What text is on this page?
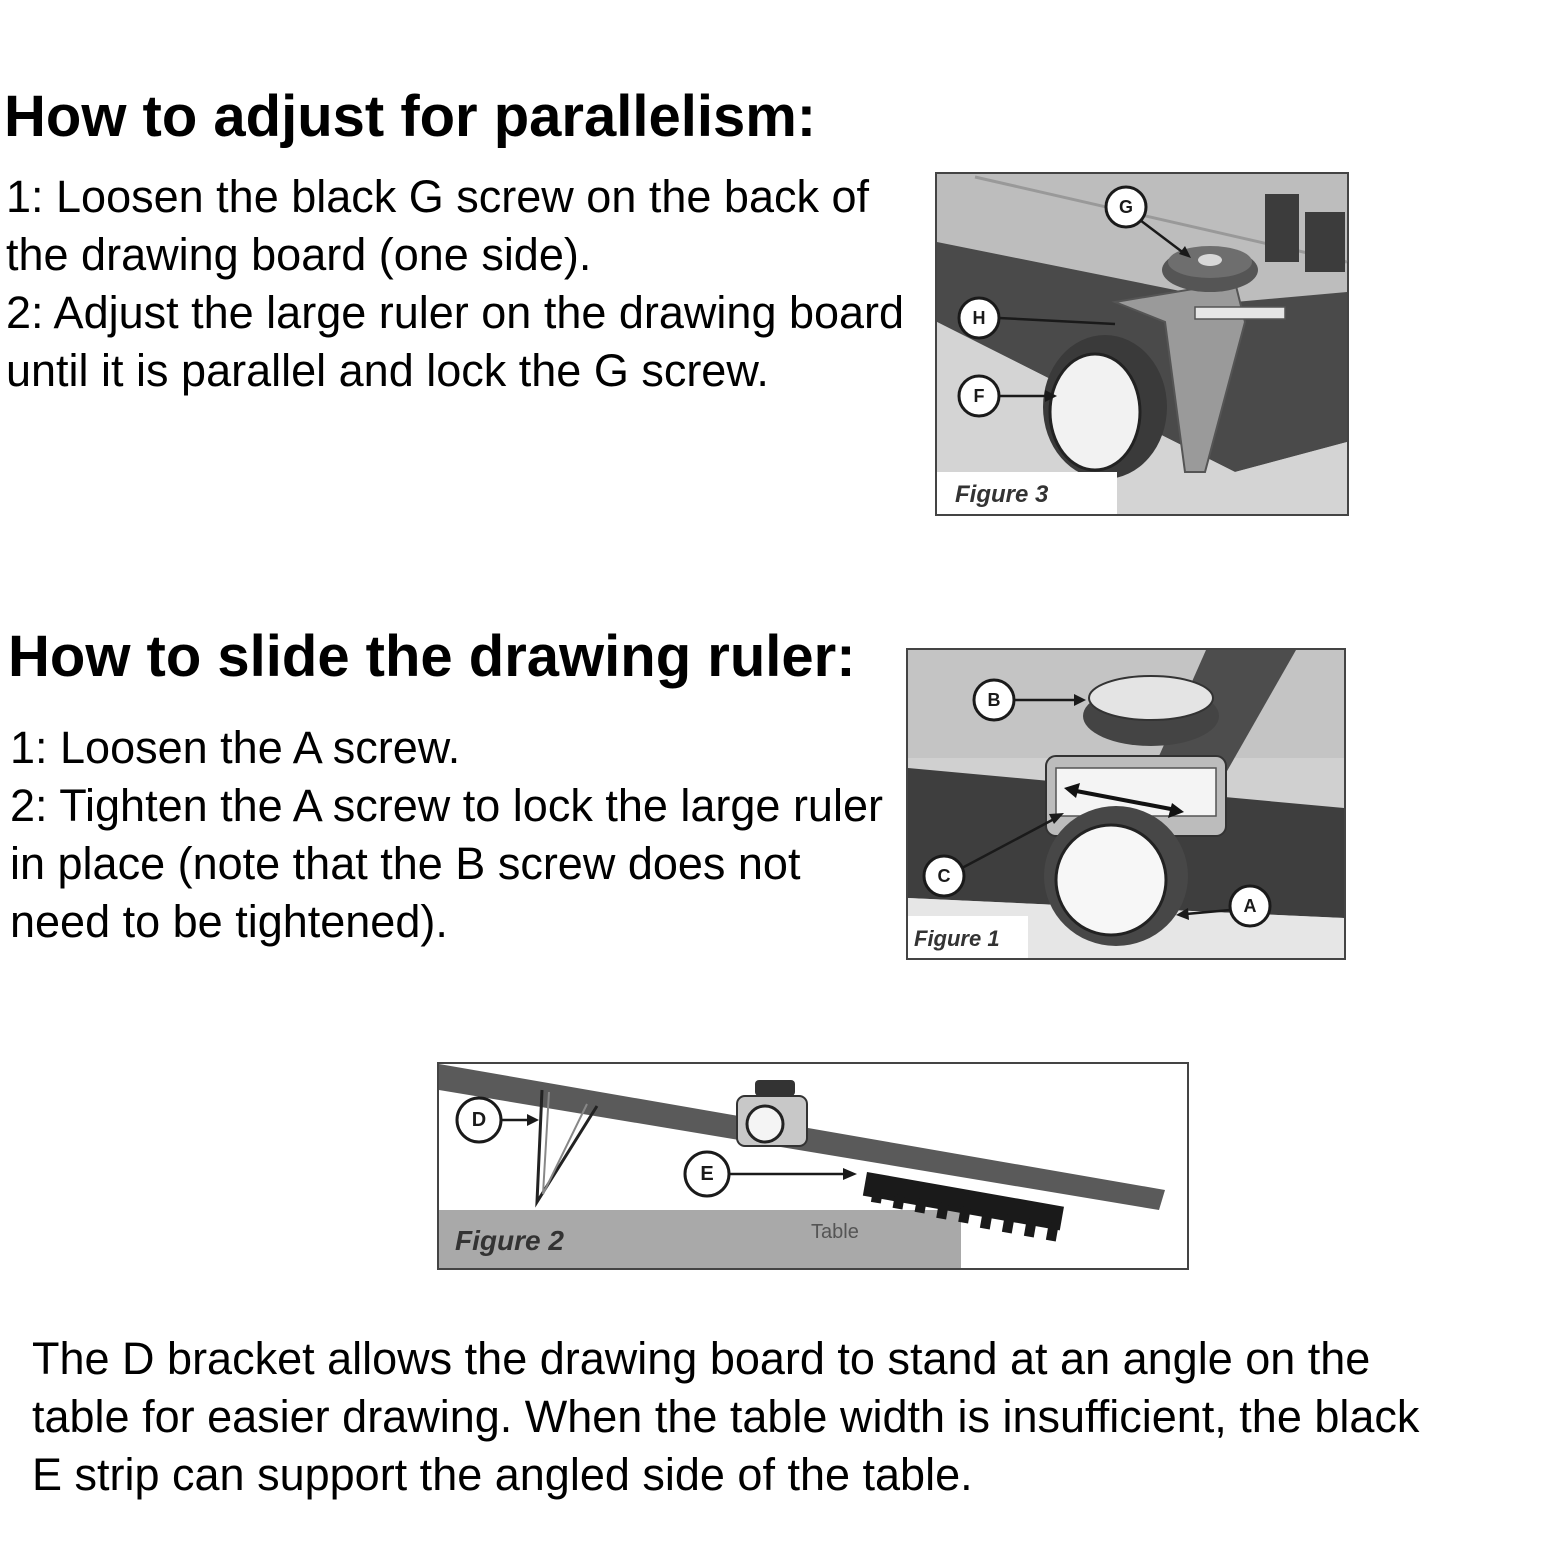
How to adjust for parallelism:

1: Loosen the black G screw on the back of the drawing board (one side).

2: Adjust the large ruler on the drawing board until it is parallel and lock the G screw.

G
H
F
Figure 3
How to slide the drawing ruler:

1: Loosen the A screw.

2: Tighten the A screw to lock the large ruler in place (note that the B screw does not need to be tightened).

B
C
A
Figure 1
D
E
Figure 2	Table

The D bracket allows the drawing board to stand at an angle on the table for easier drawing. When the table width is insufficient, the black E strip can support the angled side of the table.
